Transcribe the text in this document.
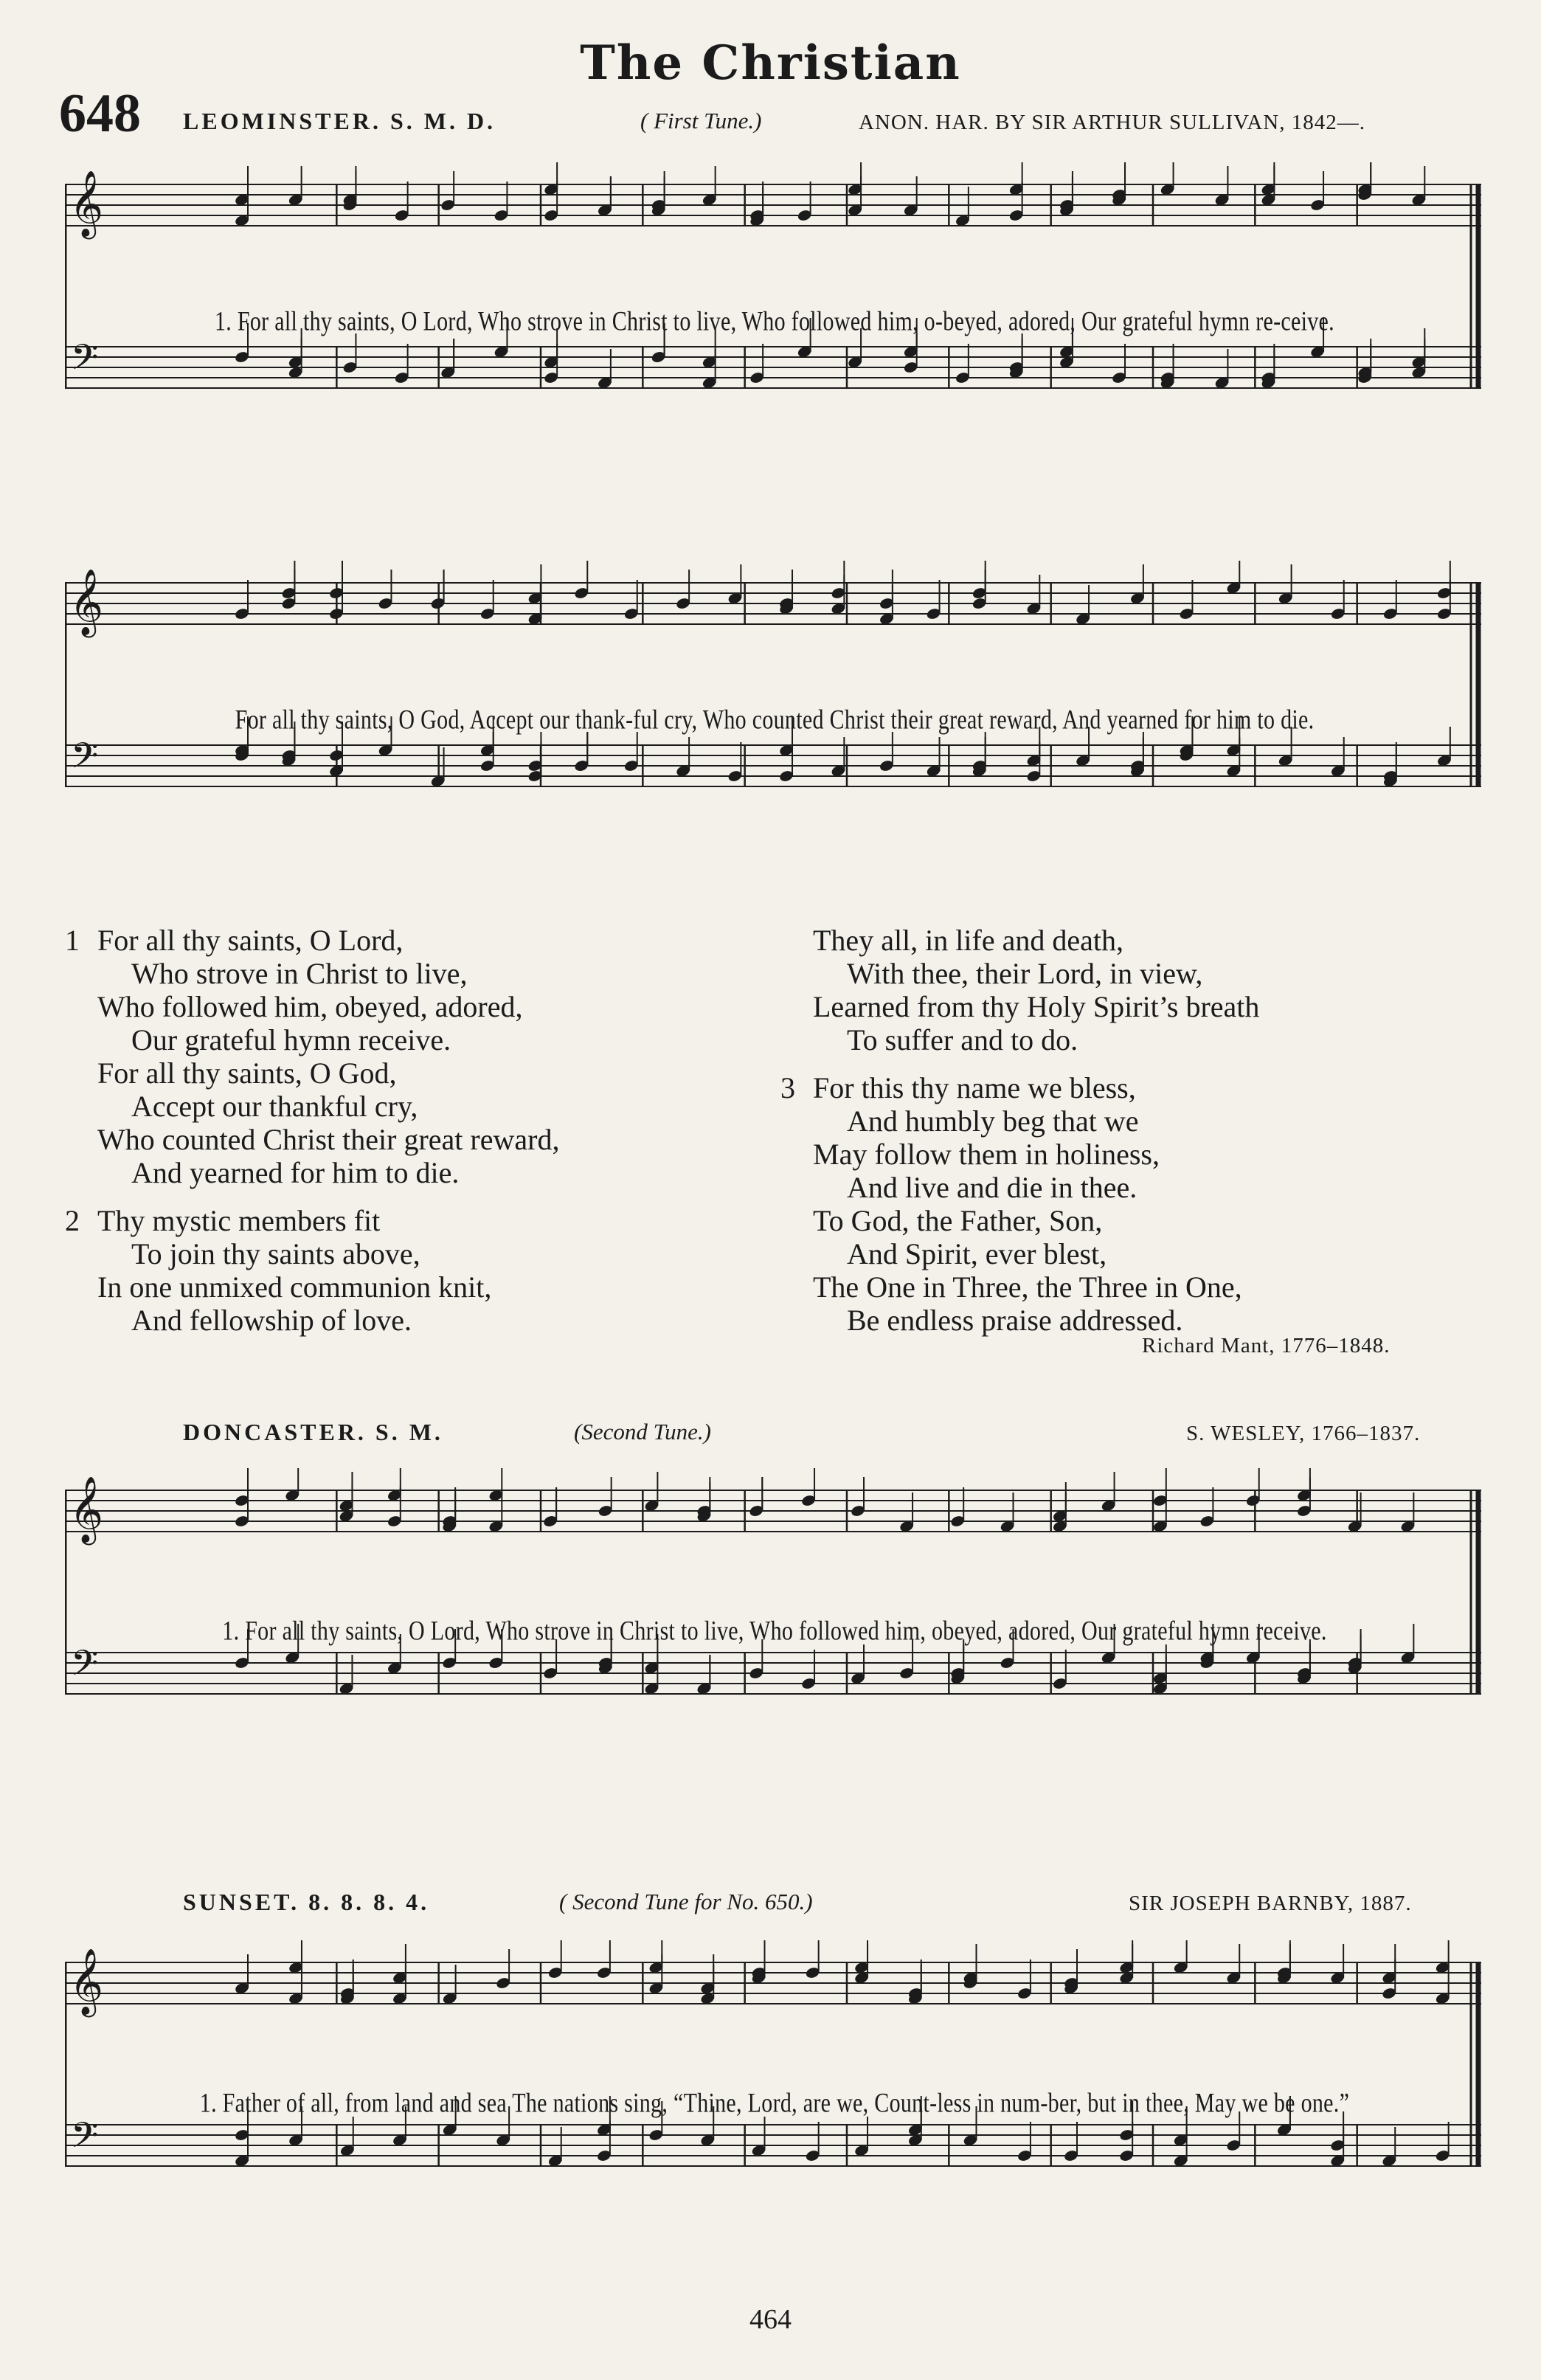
The Christian
648 LEOMINSTER. S. M. D.	( First Tune.)	ANON. HAR. BY SIR ARTHUR SULLIVAN, 1842—.
𝄞
𝄢
1. For all thy saints, O Lord, Who strove in Christ to live, Who followed him, o-beyed, adored, Our grateful hymn re-ceive.
𝄞
𝄢
For all thy saints, O God, Accept our thank-ful cry, Who counted Christ their great reward, And yearned for him to die.
1 For all thy saints, O Lord,
Who strove in Christ to live,
Who followed him, obeyed, adored,
Our grateful hymn receive.
For all thy saints, O God,
Accept our thankful cry,
Who counted Christ their great reward,
And yearned for him to die.
2 Thy mystic members fit
To join thy saints above,
In one unmixed communion knit,
And fellowship of love.
They all, in life and death,
With thee, their Lord, in view,
Learned from thy Holy Spirit’s breath
To suffer and to do.
3 For this thy name we bless,
And humbly beg that we
May follow them in holiness,
And live and die in thee.
To God, the Father, Son,
And Spirit, ever blest,
The One in Three, the Three in One,
Be endless praise addressed.
Richard Mant, 1776–1848.
DONCASTER. S. M.	(Second Tune.)	S. WESLEY, 1766–1837.
𝄞
𝄢
1. For all thy saints, O Lord, Who strove in Christ to live, Who followed him, obeyed, adored, Our grateful hymn receive.
SUNSET. 8. 8. 8. 4.	( Second Tune for No. 650.)	SIR JOSEPH BARNBY, 1887.
𝄞
𝄢
1. Father of all, from land and sea The nations sing, “Thine, Lord, are we, Count-less in num-ber, but in thee, May we be one.”
464
